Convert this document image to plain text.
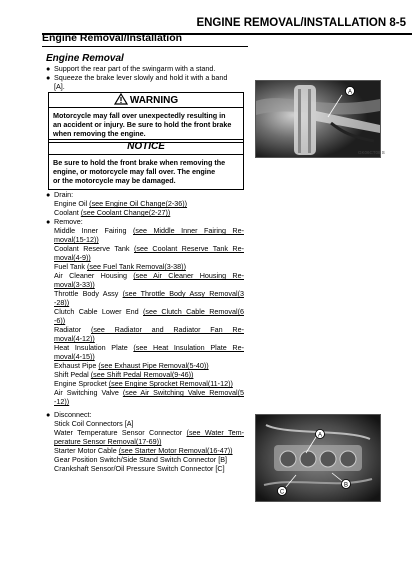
ENGINE REMOVAL/INSTALLATION 8-5
Engine Removal/Installation
Engine Removal
● Support the rear part of the swingarm with a stand.
● Squeeze the brake lever slowly and hold it with a band
[A].
WARNING
Motorcycle may fall over unexpectedly resulting in
an accident or injury. Be sure to hold the front brake
when removing the engine.
NOTICE
Be sure to hold the front brake when removing the
engine, or motorcycle may fall over. The engine
or the motorcycle may be damaged.
● Drain:
Engine Oil (see Engine Oil Change(2-36))
Coolant (see Coolant Change(2-27))
● Remove:
Middle Inner Fairing (see Middle Inner Fairing Re-
moval(15-12))
Coolant Reserve Tank (see Coolant Reserve Tank Re-
moval(4-9))
Fuel Tank (see Fuel Tank Removal(3-38))
Air Cleaner Housing (see Air Cleaner Housing Re-
moval(3-33))
Throttle Body Assy (see Throttle Body Assy Removal(3
-28))
Clutch Cable Lower End (see Clutch Cable Removal(6
-6))
Radiator (see Radiator and Radiator Fan Re-
moval(4-12))
Heat Insulation Plate (see Heat Insulation Plate Re-
moval(4-15))
Exhaust Pipe (see Exhaust Pipe Removal(5-40))
Shift Pedal (see Shift Pedal Removal(9-46))
Engine Sprocket (see Engine Sprocket Removal(11-12))
Air Switching Valve (see Air Switching Valve Removal(5
-12))
● Disconnect:
Stick Coil Connectors [A]
Water Temperature Sensor Connector (see Water Tem-
perature Sensor Removal(17-69))
Starter Motor Cable (see Starter Motor Removal(16-47))
Gear Position Switch/Side Stand Switch Connector [B]
Crankshaft Sensor/Oil Pressure Switch Connector [C]
A
GK06CT08 S
A
B
C
